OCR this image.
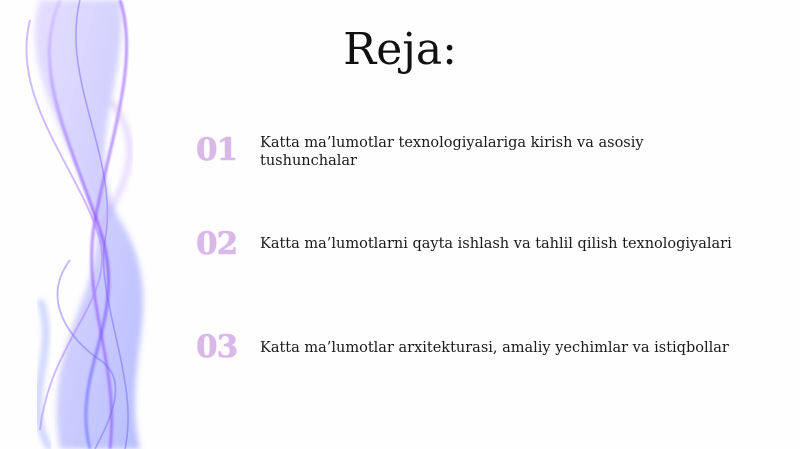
Reja:
01	Katta ma’lumotlar texnologiyalariga kirish va asosiy tushunchalar
02	Katta ma’lumotlarni qayta ishlash va tahlil qilish texnologiyalari
03	Katta ma’lumotlar arxitekturasi, amaliy yechimlar va istiqbollar
